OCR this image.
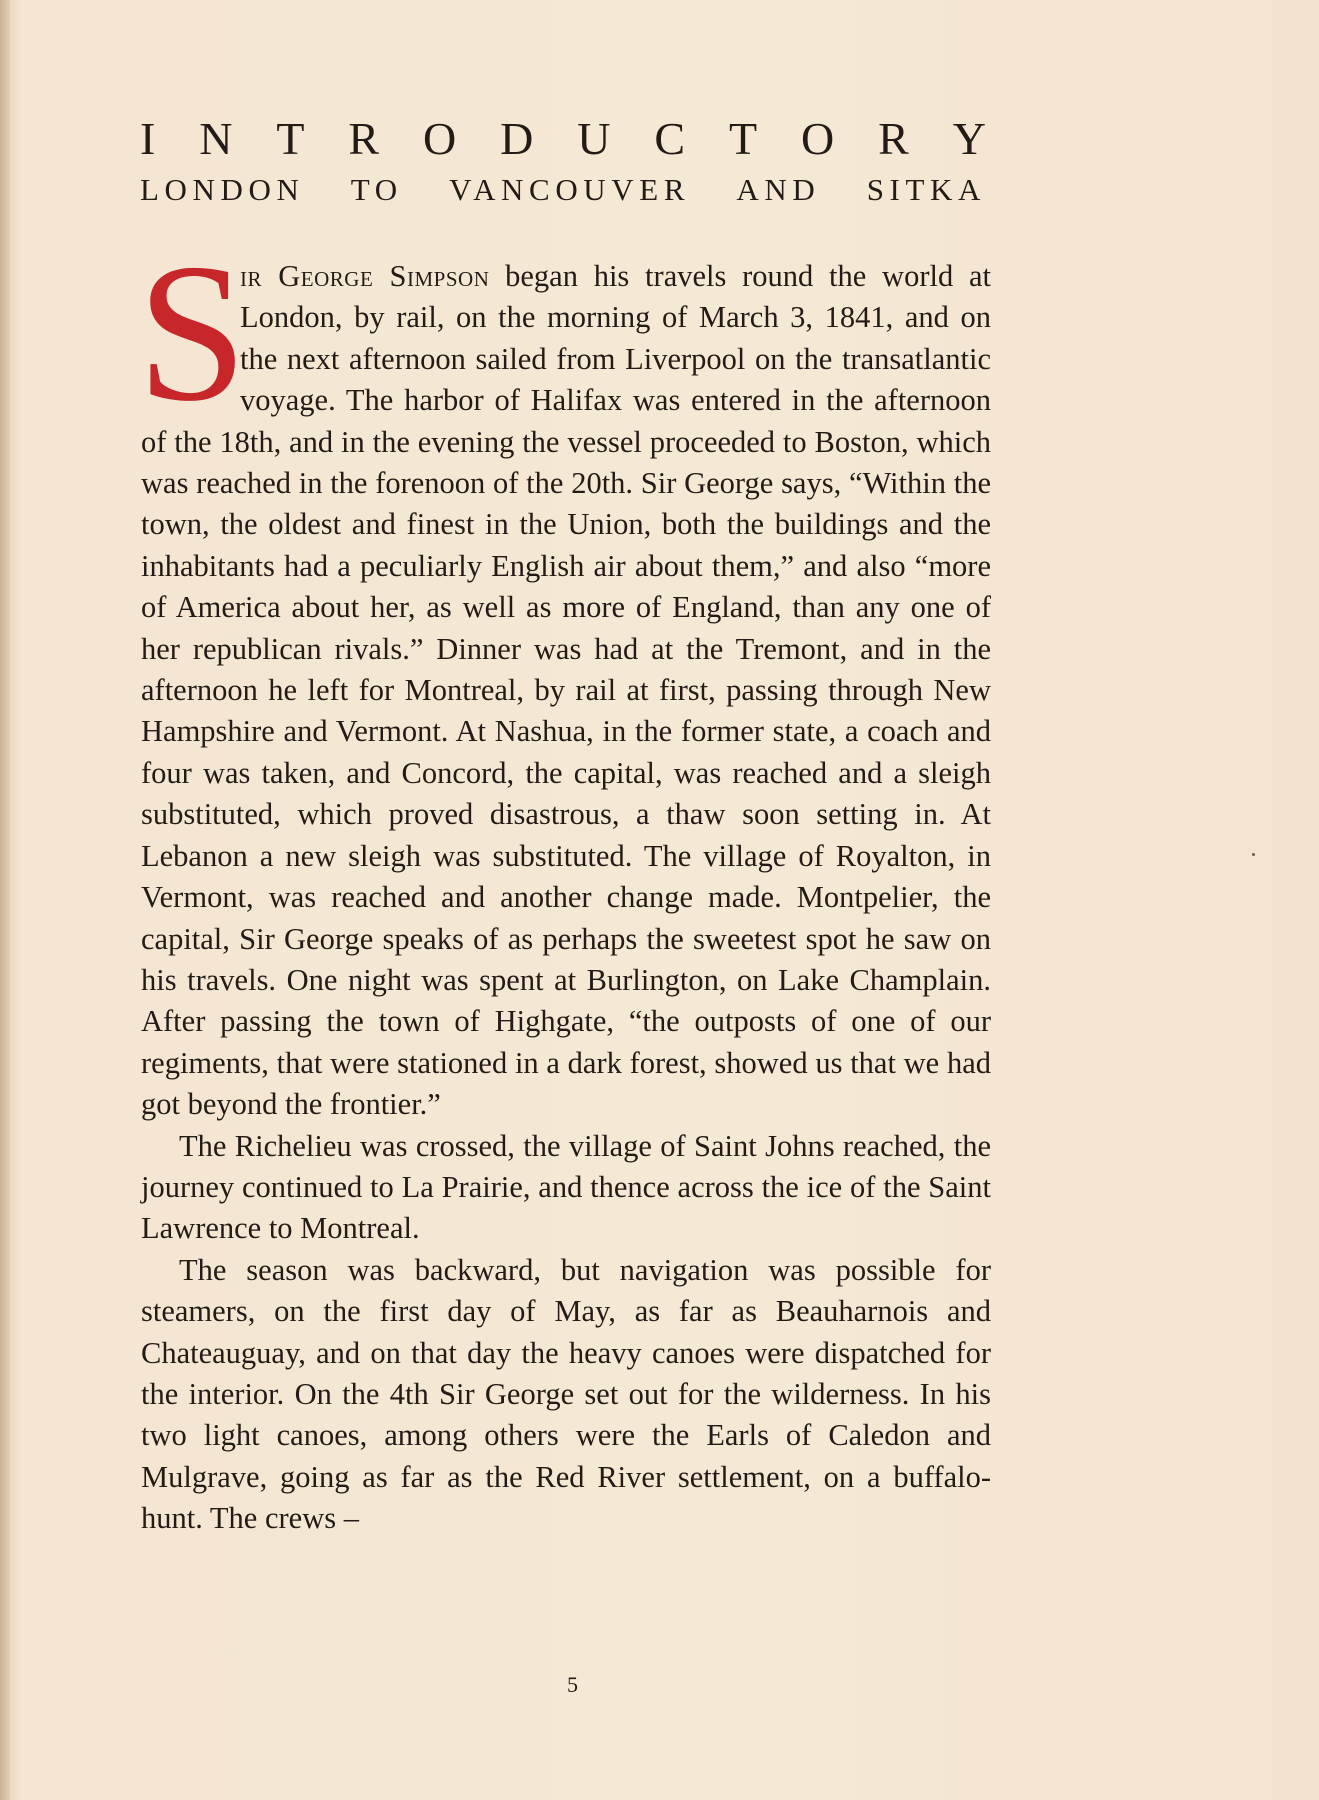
I N T R O D U C T O R Y
LONDON TO VANCOUVER AND SITKA

S
ir George Simpson began his travels round the world at London, by rail, on the morning of March 3, 1841, and on the next afternoon sailed from Liverpool on the transatlantic voyage. The harbor of Halifax was entered in the afternoon of the 18th, and in the evening the vessel proceeded to Boston, which was reached in the forenoon of the 20th. Sir George says, “Within the town, the oldest and finest in the Union, both the buildings and the inhabitants had a peculiarly English air about them,” and also “more of America about her, as well as more of England, than any one of her republican rivals.” Dinner was had at the Tremont, and in the afternoon he left for Montreal, by rail at first, passing through New Hampshire and Vermont. At Nashua, in the former state, a coach and four was taken, and Concord, the capital, was reached and a sleigh substituted, which proved disastrous, a thaw soon setting in. At Lebanon a new sleigh was substituted. The village of Royalton, in Vermont, was reached and another change made. Montpelier, the capital, Sir George speaks of as perhaps the sweetest spot he saw on his travels. One night was spent at Burlington, on Lake Champlain. After passing the town of Highgate, “the outposts of one of our regiments, that were stationed in a dark forest, showed us that we had got beyond the frontier.”

The Richelieu was crossed, the village of Saint Johns reached, the journey continued to La Prairie, and thence across the ice of the Saint Lawrence to Montreal.

The season was backward, but navigation was possible for steamers, on the first day of May, as far as Beauharnois and Chateauguay, and on that day the heavy canoes were dispatched for the interior. On the 4th Sir George set out for the wilderness. In his two light canoes, among others were the Earls of Caledon and Mulgrave, going as far as the Red River settlement, on a buffalo-hunt. The crews –

5
